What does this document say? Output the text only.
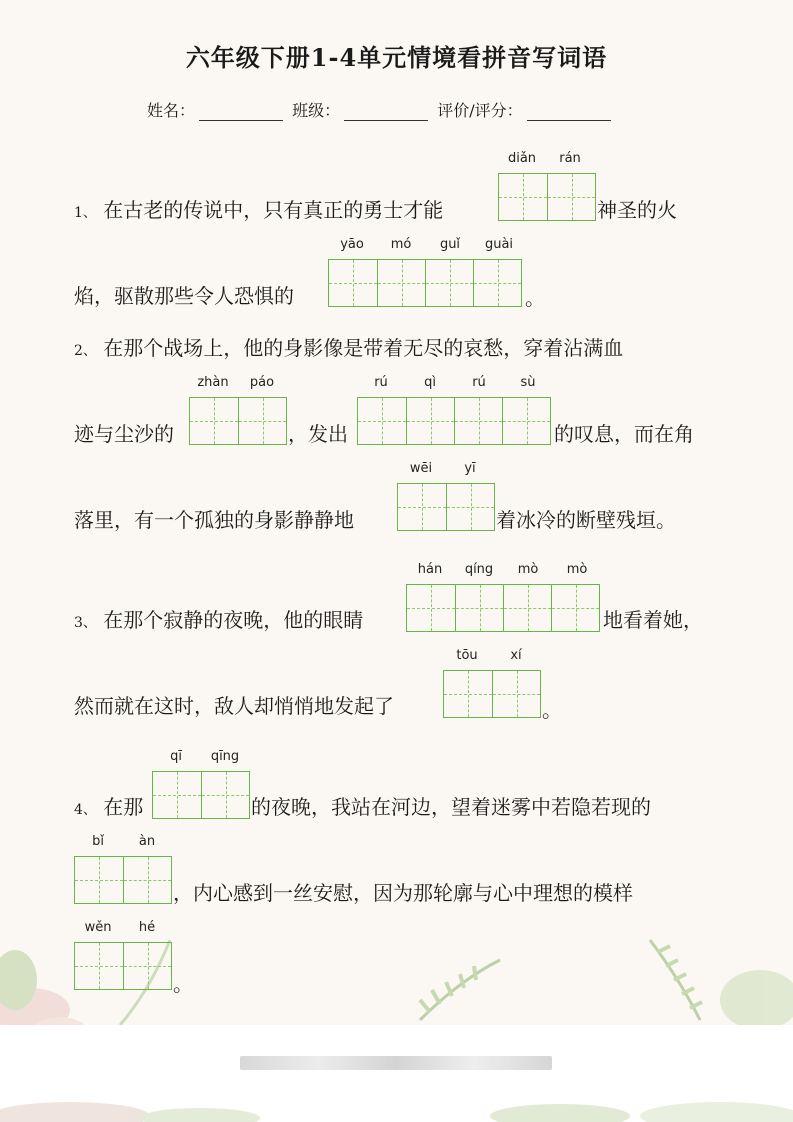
六年级下册1-4单元情境看拼音写词语
姓名：	班级：	评价/评分：
1、 在古老的传说中，只有真正的勇士才能
diǎn	rán
神圣的火
焰，驱散那些令人恐惧的
yāo	mó	guǐ	guài
。
2、 在那个战场上，他的身影像是带着无尽的哀愁，穿着沾满血
迹与尘沙的
zhàn	páo
，发出
rú	qì	rú	sù
的叹息，而在角
落里，有一个孤独的身影静静地
wēi	yī
着冰冷的断壁残垣。
3、 在那个寂静的夜晚，他的眼睛
hán	qíng	mò	mò
地看着她，
然而就在这时，敌人却悄悄地发起了
tōu	xí
。
4、 在那
qī	qīng
的夜晚，我站在河边，望着迷雾中若隐若现的
bǐ	àn
，内心感到一丝安慰，因为那轮廓与心中理想的模样
wěn	hé
。
